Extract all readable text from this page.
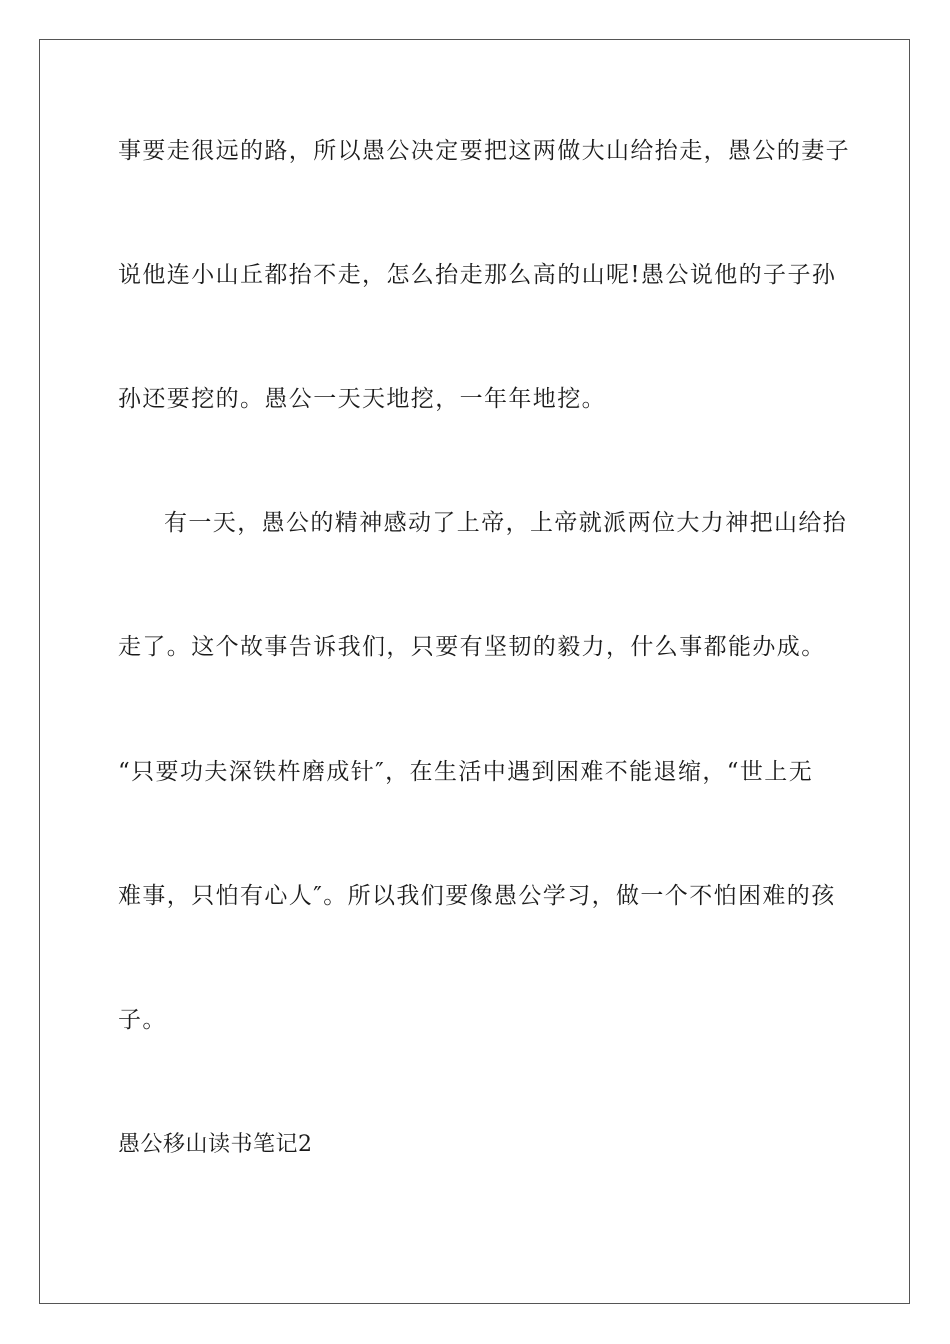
事要走很远的路，所以愚公决定要把这两做大山给抬走，愚公的妻子
说他连小山丘都抬不走，怎么抬走那么高的山呢!愚公说他的子子孙
孙还要挖的。愚公一天天地挖，一年年地挖。
有一天，愚公的精神感动了上帝，上帝就派两位大力神把山给抬
走了。这个故事告诉我们，只要有坚韧的毅力，什么事都能办成。
“只要功夫深铁杵磨成针″，在生活中遇到困难不能退缩，“世上无
难事，只怕有心人″。所以我们要像愚公学习，做一个不怕困难的孩
子。
愚公移山读书笔记2
